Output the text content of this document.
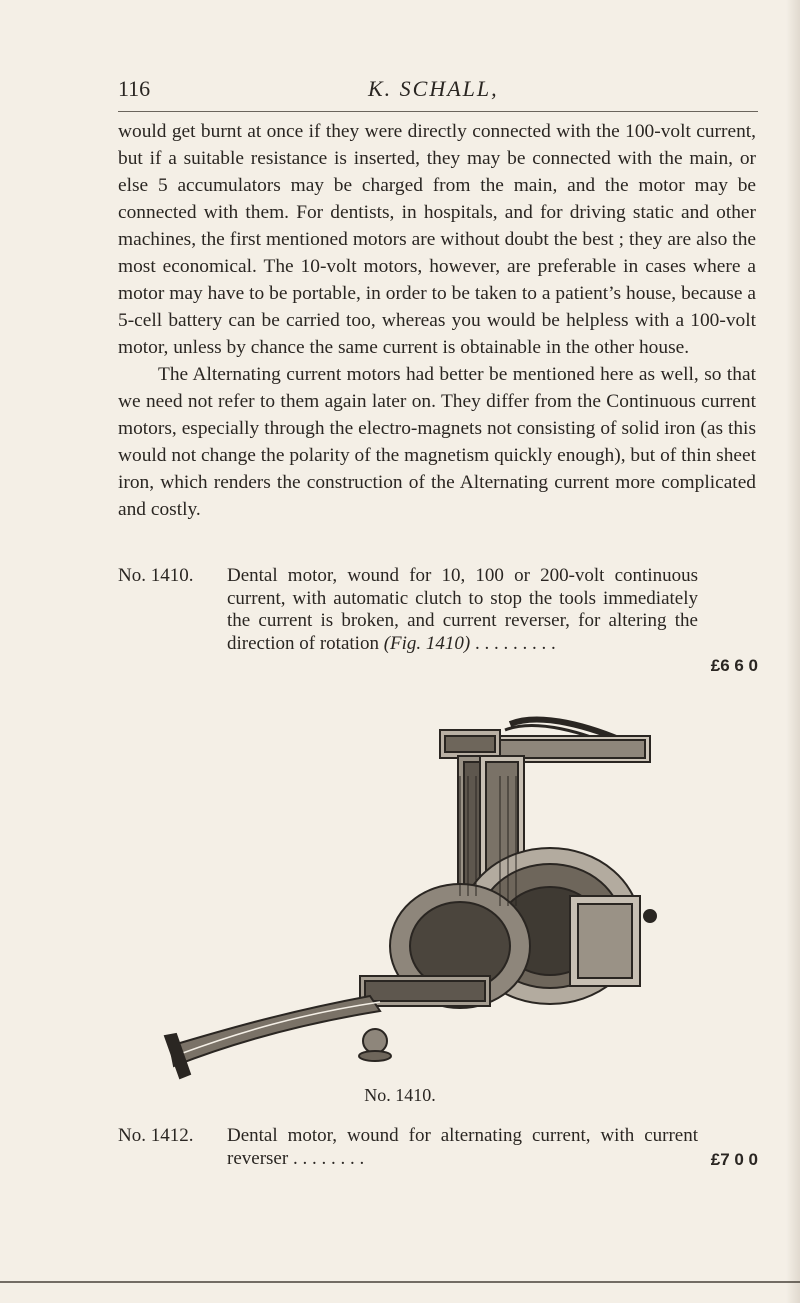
116	K. SCHALL,

would get burnt at once if they were directly connected with the 100-volt current, but if a suitable resistance is inserted, they may be connected with the main, or else 5 accumulators may be charged from the main, and the motor may be connected with them. For dentists, in hospitals, and for driving static and other machines, the first mentioned motors are without doubt the best ; they are also the most economical. The 10-volt motors, however, are preferable in cases where a motor may have to be portable, in order to be taken to a patient’s house, because a 5-cell battery can be carried too, whereas you would be helpless with a 100-volt motor, unless by chance the same current is obtainable in the other house.

The Alternating current motors had better be mentioned here as well, so that we need not refer to them again later on. They differ from the Continuous current motors, especially through the electro-magnets not consisting of solid iron (as this would not change the polarity of the magnetism quickly enough), but of thin sheet iron, which renders the construction of the Alternating current more complicated and costly.

No. 1410. Dental motor, wound for 10, 100 or 200-volt continuous current, with automatic clutch to stop the tools immediately the current is broken, and current reverser, for altering the direction of rotation (Fig. 1410) . . . . . . . . .
£6 6 0
No. 1410.
No. 1412. Dental motor, wound for alternating current, with current reverser . . . . . . . .	£7 0 0
